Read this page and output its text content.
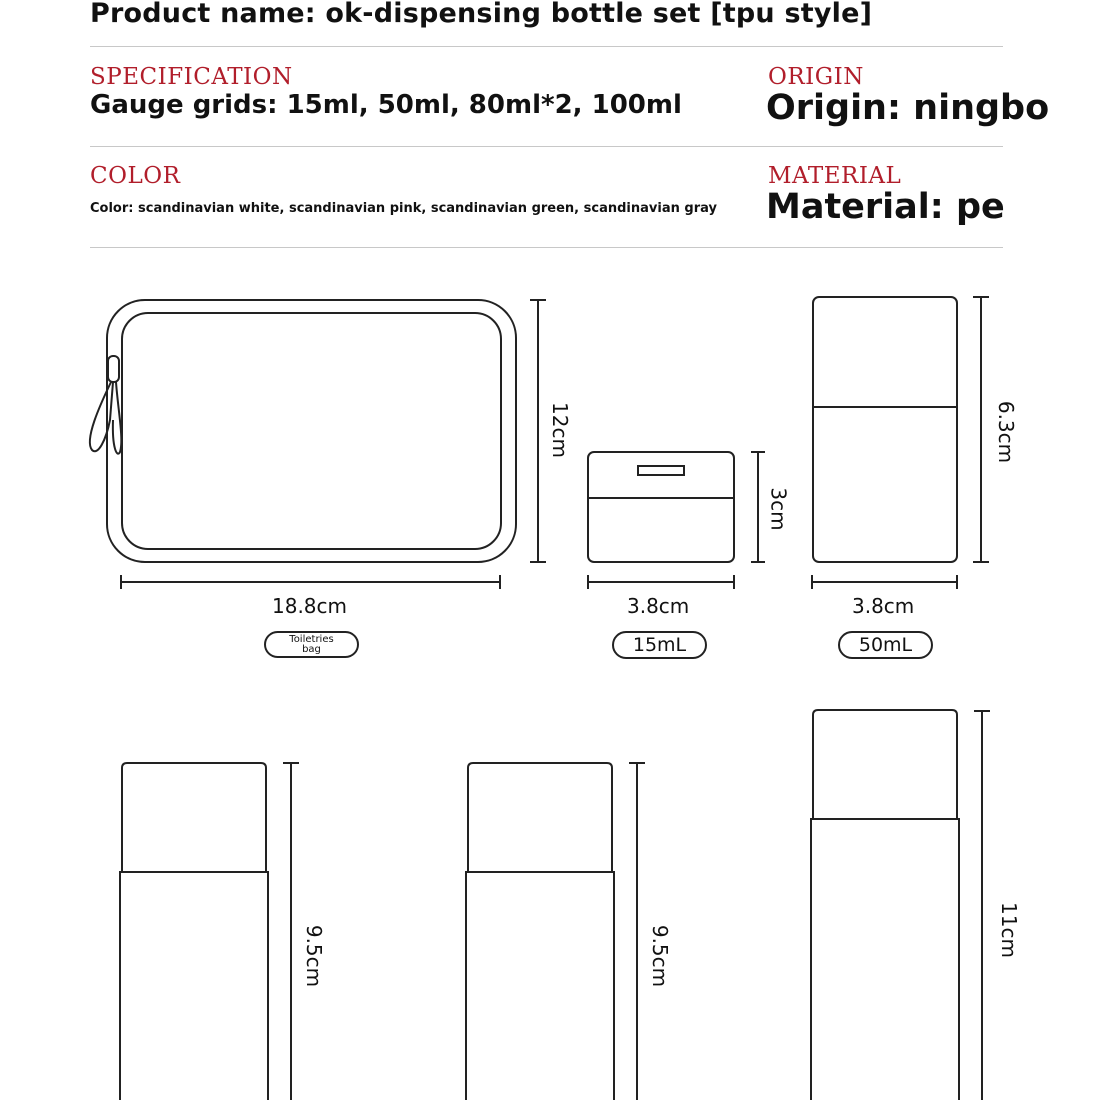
Product name: ok-dispensing bottle set [tpu style]
SPECIFICATION
Gauge grids: 15ml, 50ml, 80ml*2, 100ml
ORIGIN
Origin: ningbo
COLOR
Color: scandinavian white, scandinavian pink, scandinavian green, scandinavian gray
MATERIAL
Material: pe
12cm
18.8cm
3cm
3.8cm
6.3cm
3.8cm
9.5cm	9.5cm	11cm
Toiletries
bag	15mL	50mL
